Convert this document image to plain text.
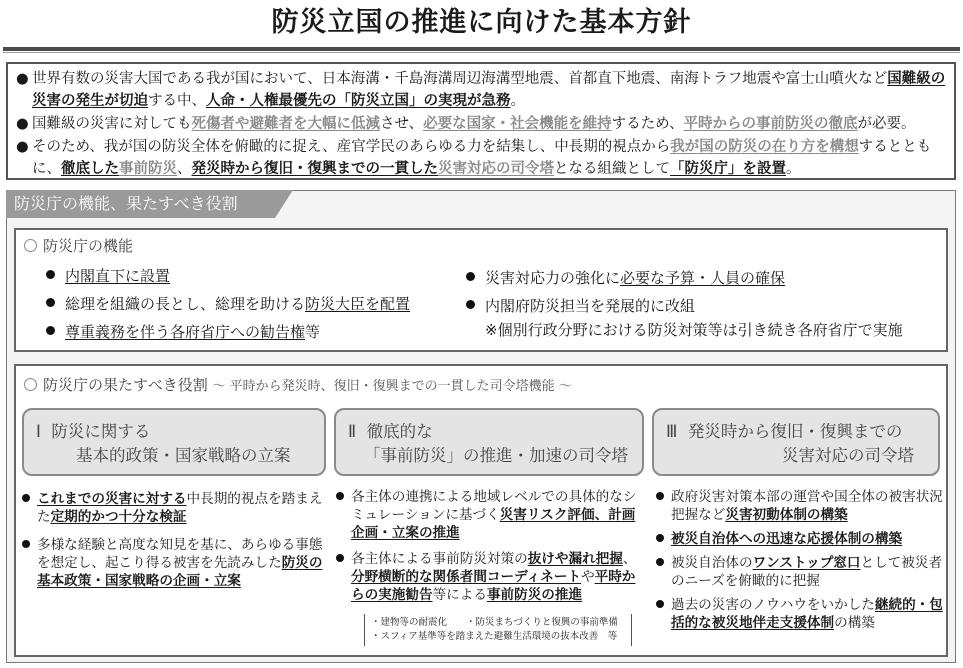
防災立国の推進に向けた基本方針

● 世界有数の災害大国である我が国において、日本海溝・千島海溝周辺海溝型地震、首都直下地震、南海トラフ地震や富士山噴火など国難級の災害の発生が切迫する中、人命・人権最優先の「防災立国」の実現が急務。

● 国難級の災害に対しても死傷者や避難者を大幅に低減させ、必要な国家・社会機能を維持するため、平時からの事前防災の徹底が必要。

● そのため、我が国の防災全体を俯瞰的に捉え、産官学民のあらゆる力を結集し、中長期的視点から我が国の防災の在り方を構想するとともに、徹底した事前防災、発災時から復旧・復興までの一貫した災害対応の司令塔となる組織として「防災庁」を設置。

防災庁の機能、果たすべき役割
防災庁の機能
内閣直下に設置
総理を組織の長とし、総理を助ける防災大臣を配置
尊重義務を伴う各府省庁への勧告権等
災害対応力の強化に必要な予算・人員の確保
内閣府防災担当を発展的に改組
※個別行政分野における防災対策等は引き続き各府省庁で実施
防災庁の果たすべき役割 ～ 平時から発災時、復旧・復興までの一貫した司令塔機能 ～
Ⅰ 防災に関する
基本的政策・国家戦略の立案
Ⅱ 徹底的な
「事前防災」の推進・加速の司令塔
Ⅲ 発災時から復旧・復興までの
災害対応の司令塔

これまでの災害に対する中長期的視点を踏まえた定期的かつ十分な検証

多様な経験と高度な知見を基に、あらゆる事態を想定し、起こり得る被害を先読みした防災の基本政策・国家戦略の企画・立案

各主体の連携による地域レベルでの具体的なシミュレーションに基づく災害リスク評価、計画企画・立案の推進

各主体による事前防災対策の抜けや漏れ把握、分野横断的な関係者間コーディネートや平時からの実施勧告等による事前防災の推進

・建物等の耐震化　　・防災まちづくりと復興の事前準備
・スフィア基準等を踏まえた避難生活環境の抜本改善　等

政府災害対策本部の運営や国全体の被害状況把握など災害初動体制の構築

被災自治体への迅速な応援体制の構築

被災自治体のワンストップ窓口として被災者のニーズを俯瞰的に把握

過去の災害のノウハウをいかした継続的・包括的な被災地伴走支援体制の構築
